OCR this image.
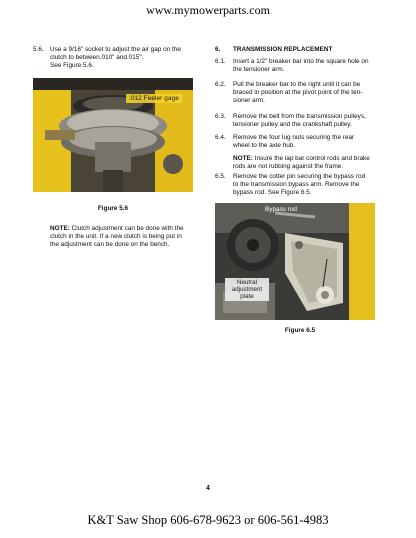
www.mymowerparts.com
5.6. Use a 9/16" socket to adjust the air gap on the
clutch to between.010" and.015".
See Figure 5.6.
.012 Feeler gage
Figure 5.6
NOTE: Clutch adjustment can be done with the
clutch in the unit. If a new clutch is being put in
the adjustment can be done on the bench.
6. TRANSMISSION REPLACEMENT
6.1. Insert a 1/2" breaker bar into the square hole on
the tensioner arm.
6.2. Pull the breaker bar to the right until it can be
braced in position at the pivot point of the ten-
sioner arm.
6.3. Remove the belt from the transmission pulleys,
tensioner pulley and the crankshaft pulley.
6.4. Remove the four lug nuts securing the rear
wheel to the axle hub.
NOTE: Insure the lap bar control rods and brake
rods are not rubbing against the frame.
6.5. Remove the cotter pin securing the bypass rod
to the transmission bypass arm. Remove the
bypass rod. See Figure 6.5.
Bypass rod
Neutral
adjustment
plate
Figure 6.5
4
K&T Saw Shop 606-678-9623 or 606-561-4983
